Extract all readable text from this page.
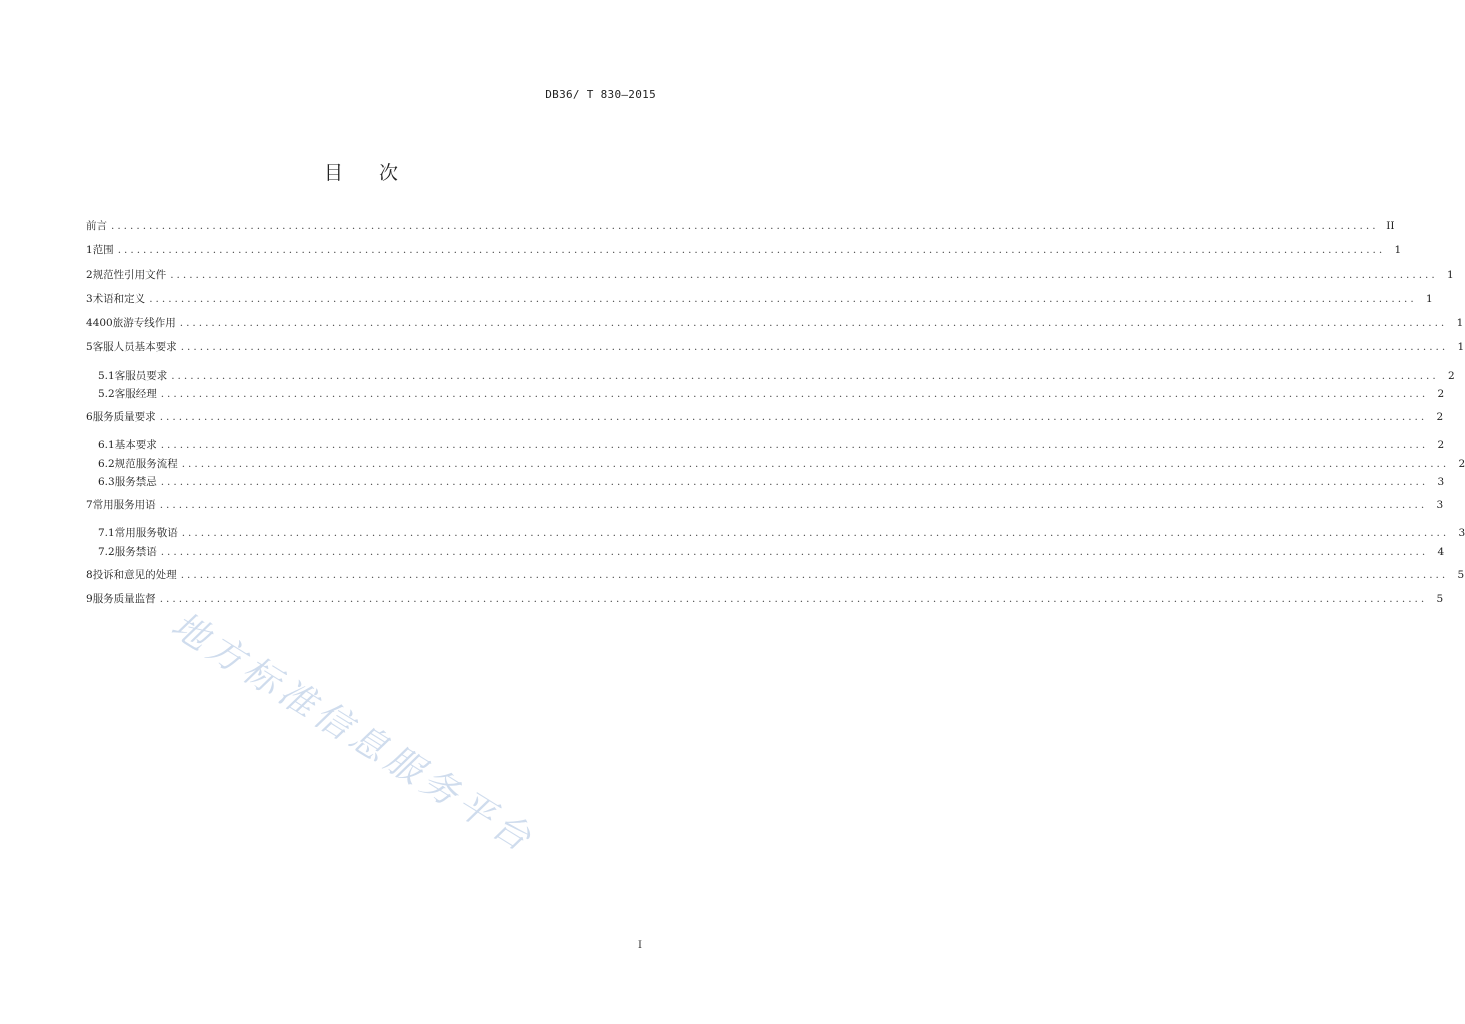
DB36/ T 830—2015
目 次
前言 ........................................................................................................................................................................................................ II
1 范围 ........................................................................................................................................................................................................ 1
2 规范性引用文件 ........................................................................................................................................................................................................ 1
3 术语和定义 ........................................................................................................................................................................................................ 1
4 400旅游专线作用 ........................................................................................................................................................................................................ 1
5 客服人员基本要求 ........................................................................................................................................................................................................ 1
5.1 客服员要求 ........................................................................................................................................................................................................ 2
5.2 客服经理 ........................................................................................................................................................................................................ 2
6 服务质量要求 ........................................................................................................................................................................................................ 2
6.1 基本要求 ........................................................................................................................................................................................................ 2
6.2 规范服务流程 ........................................................................................................................................................................................................ 2
6.3 服务禁忌 ........................................................................................................................................................................................................ 3
7 常用服务用语 ........................................................................................................................................................................................................ 3
7.1 常用服务敬语 ........................................................................................................................................................................................................ 3
7.2 服务禁语 ........................................................................................................................................................................................................ 4
8 投诉和意见的处理 ........................................................................................................................................................................................................ 5
9 服务质量监督 ........................................................................................................................................................................................................ 5
地方标准信息服务平台
I
